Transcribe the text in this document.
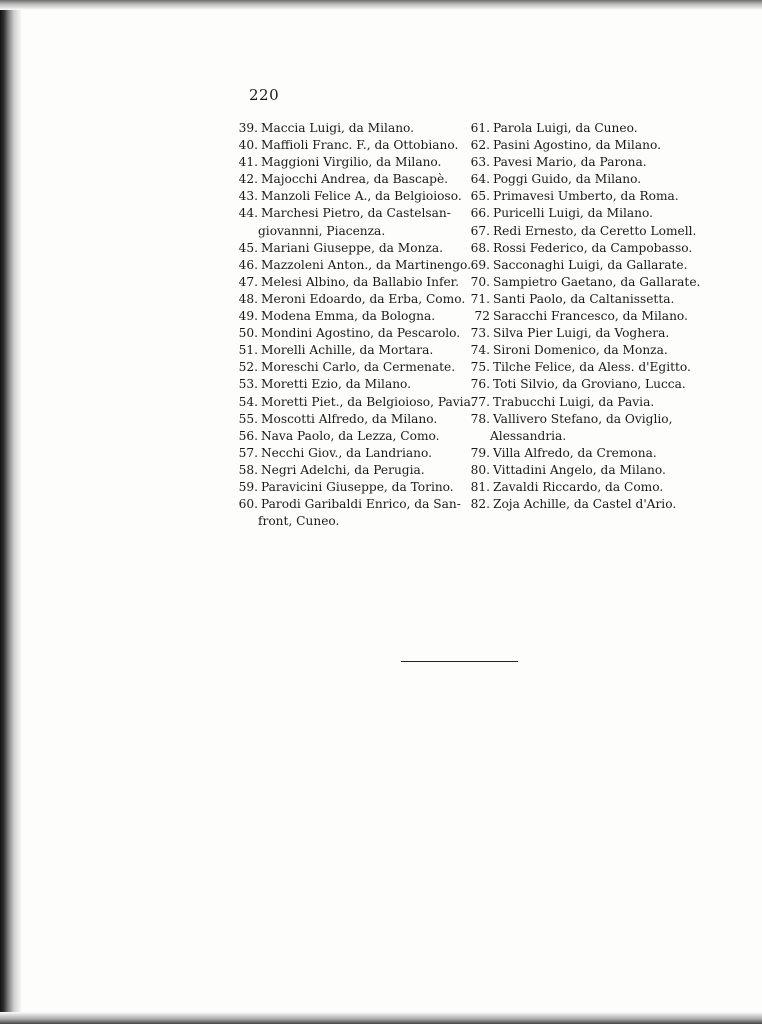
220
39. Maccia Luigi, da Milano.
40. Maffioli Franc. F., da Ottobiano.
41. Maggioni Virgilio, da Milano.
42. Majocchi Andrea, da Bascapè.
43. Manzoli Felice A., da Belgioioso.
44. Marchesi Pietro, da Castelsan-
giovannni, Piacenza.
45. Mariani Giuseppe, da Monza.
46. Mazzoleni Anton., da Martinengo.
47. Melesi Albino, da Ballabio Infer.
48. Meroni Edoardo, da Erba, Como.
49. Modena Emma, da Bologna.
50. Mondini Agostino, da Pescarolo.
51. Morelli Achille, da Mortara.
52. Moreschi Carlo, da Cermenate.
53. Moretti Ezio, da Milano.
54. Moretti Piet., da Belgioioso, Pavia.
55. Moscotti Alfredo, da Milano.
56. Nava Paolo, da Lezza, Como.
57. Necchi Giov., da Landriano.
58. Negri Adelchi, da Perugia.
59. Paravicini Giuseppe, da Torino.
60. Parodi Garibaldi Enrico, da San-
front, Cuneo.
61. Parola Luigi, da Cuneo.
62. Pasini Agostino, da Milano.
63. Pavesi Mario, da Parona.
64. Poggi Guido, da Milano.
65. Primavesi Umberto, da Roma.
66. Puricelli Luigi, da Milano.
67. Redi Ernesto, da Ceretto Lomell.
68. Rossi Federico, da Campobasso.
69. Sacconaghi Luigi, da Gallarate.
70. Sampietro Gaetano, da Gallarate.
71. Santi Paolo, da Caltanissetta.
72 Saracchi Francesco, da Milano.
73. Silva Pier Luigi, da Voghera.
74. Sironi Domenico, da Monza.
75. Tilche Felice, da Aless. d'Egitto.
76. Toti Silvio, da Groviano, Lucca.
77. Trabucchi Luigi, da Pavia.
78. Vallivero Stefano, da Oviglio,
Alessandria.
79. Villa Alfredo, da Cremona.
80. Vittadini Angelo, da Milano.
81. Zavaldi Riccardo, da Como.
82. Zoja Achille, da Castel d'Ario.
